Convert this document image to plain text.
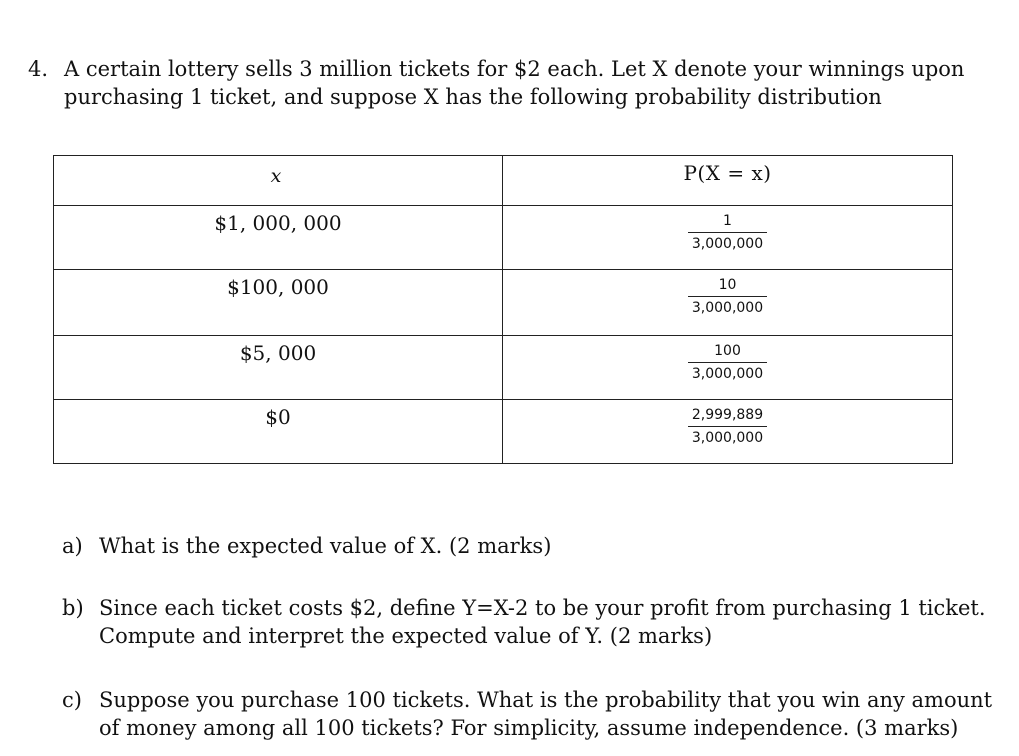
4. A certain lottery sells 3 million tickets for $2 each. Let X denote your winnings upon
purchasing 1 ticket, and suppose X has the following probability distribution
x	P(X = x)

$1, 000, 000	$\frac{1}{3,000,000}$

$100, 000	$\frac{10}{3,000,000}$

$5, 000	$\frac{100}{3,000,000}$

$0	$\frac{2,999,889}{3,000,000}$
a) What is the expected value of X. (2 marks)
b) Since each ticket costs $2, define Y=X-2 to be your profit from purchasing 1 ticket.
Compute and interpret the expected value of Y. (2 marks)
c) Suppose you purchase 100 tickets. What is the probability that you win any amount
of money among all 100 tickets? For simplicity, assume independence. (3 marks)
